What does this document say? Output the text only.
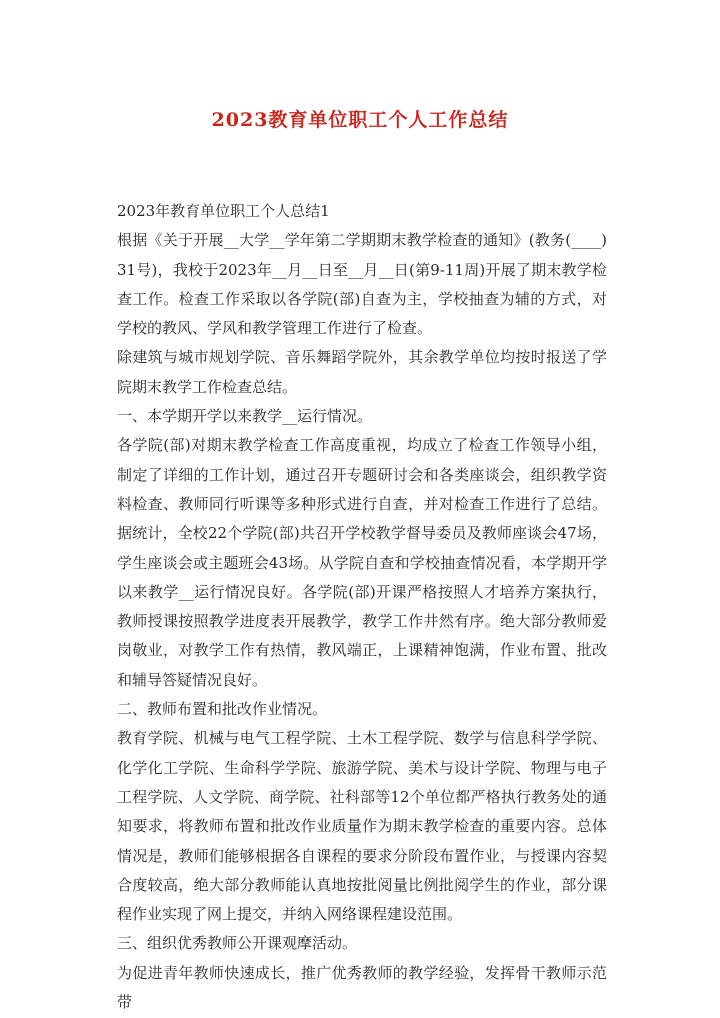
2023教育单位职工个人工作总结

2023年教育单位职工个人总结1

根据《关于开展__大学__学年第二学期期末教学检查的通知》(教务(____)31号)，我校于2023年__月__日至__月__日(第9-11周)开展了期末教学检查工作。检查工作采取以各学院(部)自查为主，学校抽查为辅的方式，对学校的教风、学风和教学管理工作进行了检查。

除建筑与城市规划学院、音乐舞蹈学院外，其余教学单位均按时报送了学院期末教学工作检查总结。

一、本学期开学以来教学__运行情况。

各学院(部)对期末教学检查工作高度重视，均成立了检查工作领导小组，制定了详细的工作计划，通过召开专题研讨会和各类座谈会，组织教学资料检查、教师同行听课等多种形式进行自查，并对检查工作进行了总结。据统计，全校22个学院(部)共召开学校教学督导委员及教师座谈会47场，学生座谈会或主题班会43场。从学院自查和学校抽查情况看，本学期开学以来教学__运行情况良好。各学院(部)开课严格按照人才培养方案执行，教师授课按照教学进度表开展教学，教学工作井然有序。绝大部分教师爱岗敬业，对教学工作有热情，教风端正，上课精神饱满，作业布置、批改和辅导答疑情况良好。

二、教师布置和批改作业情况。

教育学院、机械与电气工程学院、土木工程学院、数学与信息科学学院、化学化工学院、生命科学学院、旅游学院、美术与设计学院、物理与电子工程学院、人文学院、商学院、社科部等12个单位都严格执行教务处的通知要求，将教师布置和批改作业质量作为期末教学检查的重要内容。总体情况是，教师们能够根据各自课程的要求分阶段布置作业，与授课内容契合度较高，绝大部分教师能认真地按批阅量比例批阅学生的作业，部分课程作业实现了网上提交，并纳入网络课程建设范围。

三、组织优秀教师公开课观摩活动。

为促进青年教师快速成长，推广优秀教师的教学经验，发挥骨干教师示范带
